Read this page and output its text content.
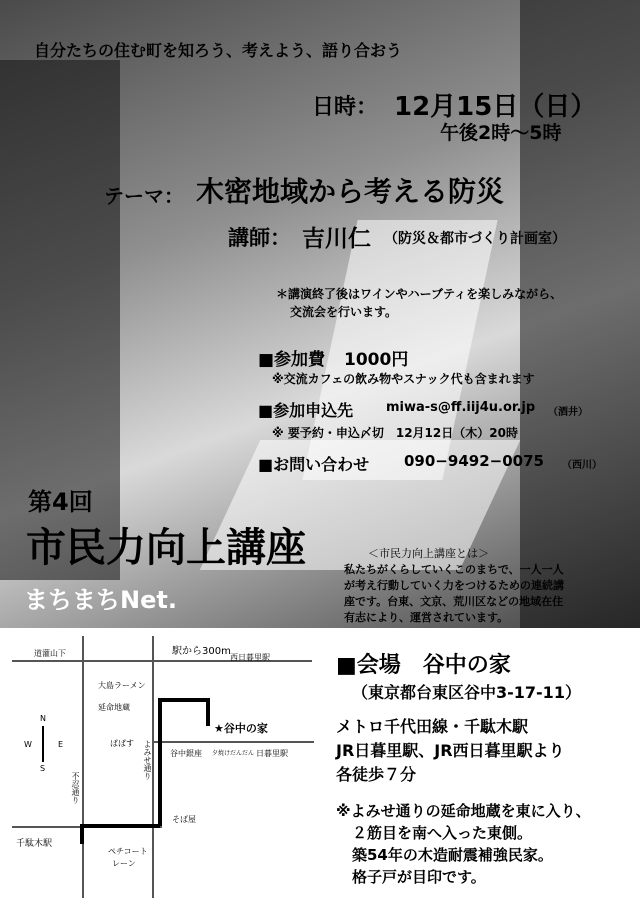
自分たちの住む町を知ろう、考えよう、語り合おう
日時： 12月15日（日）
午後2時〜5時
テーマ： 木密地域から考える防災
講師： 吉川仁 （防災＆都市づくり計画室）
＊講演終了後はワインやハーブティを楽しみながら、
交流会を行います。
■参加費 1000円
※交流カフェの飲み物やスナック代も含まれます
■参加申込先	miwa-s@ff.iij4u.or.jp （酒井）
※ 要予約・申込〆切　12月12日（木）20時
■お問い合わせ 090−9492−0075 （西川）
第4回
市民力向上講座
まちまちNet.
＜市民力向上講座とは＞
私たちがくらしていくこのまちで、一人一人
が考え行動していく力をつけるための連続講
座です。台東、文京、荒川区などの地域在住
有志により、運営されています。
道灌山下	駅から300m
西日暮里駅
大島ラーメン
延命地蔵
ぱぱす
★谷中の家
谷中銀座 夕焼けだんだん 日暮里駅
不忍通り
よみせ通り
そば屋
千駄木駅
ペチコート
レーン
N
S
W	E
■会場　谷中の家
（東京都台東区谷中3-17-11）
メトロ千代田線・千駄木駅
JR日暮里駅、JR西日暮里駅より
各徒歩７分
※よみせ通りの延命地蔵を東に入り、
２筋目を南へ入った東側。
築54年の木造耐震補強民家。
格子戸が目印です。
